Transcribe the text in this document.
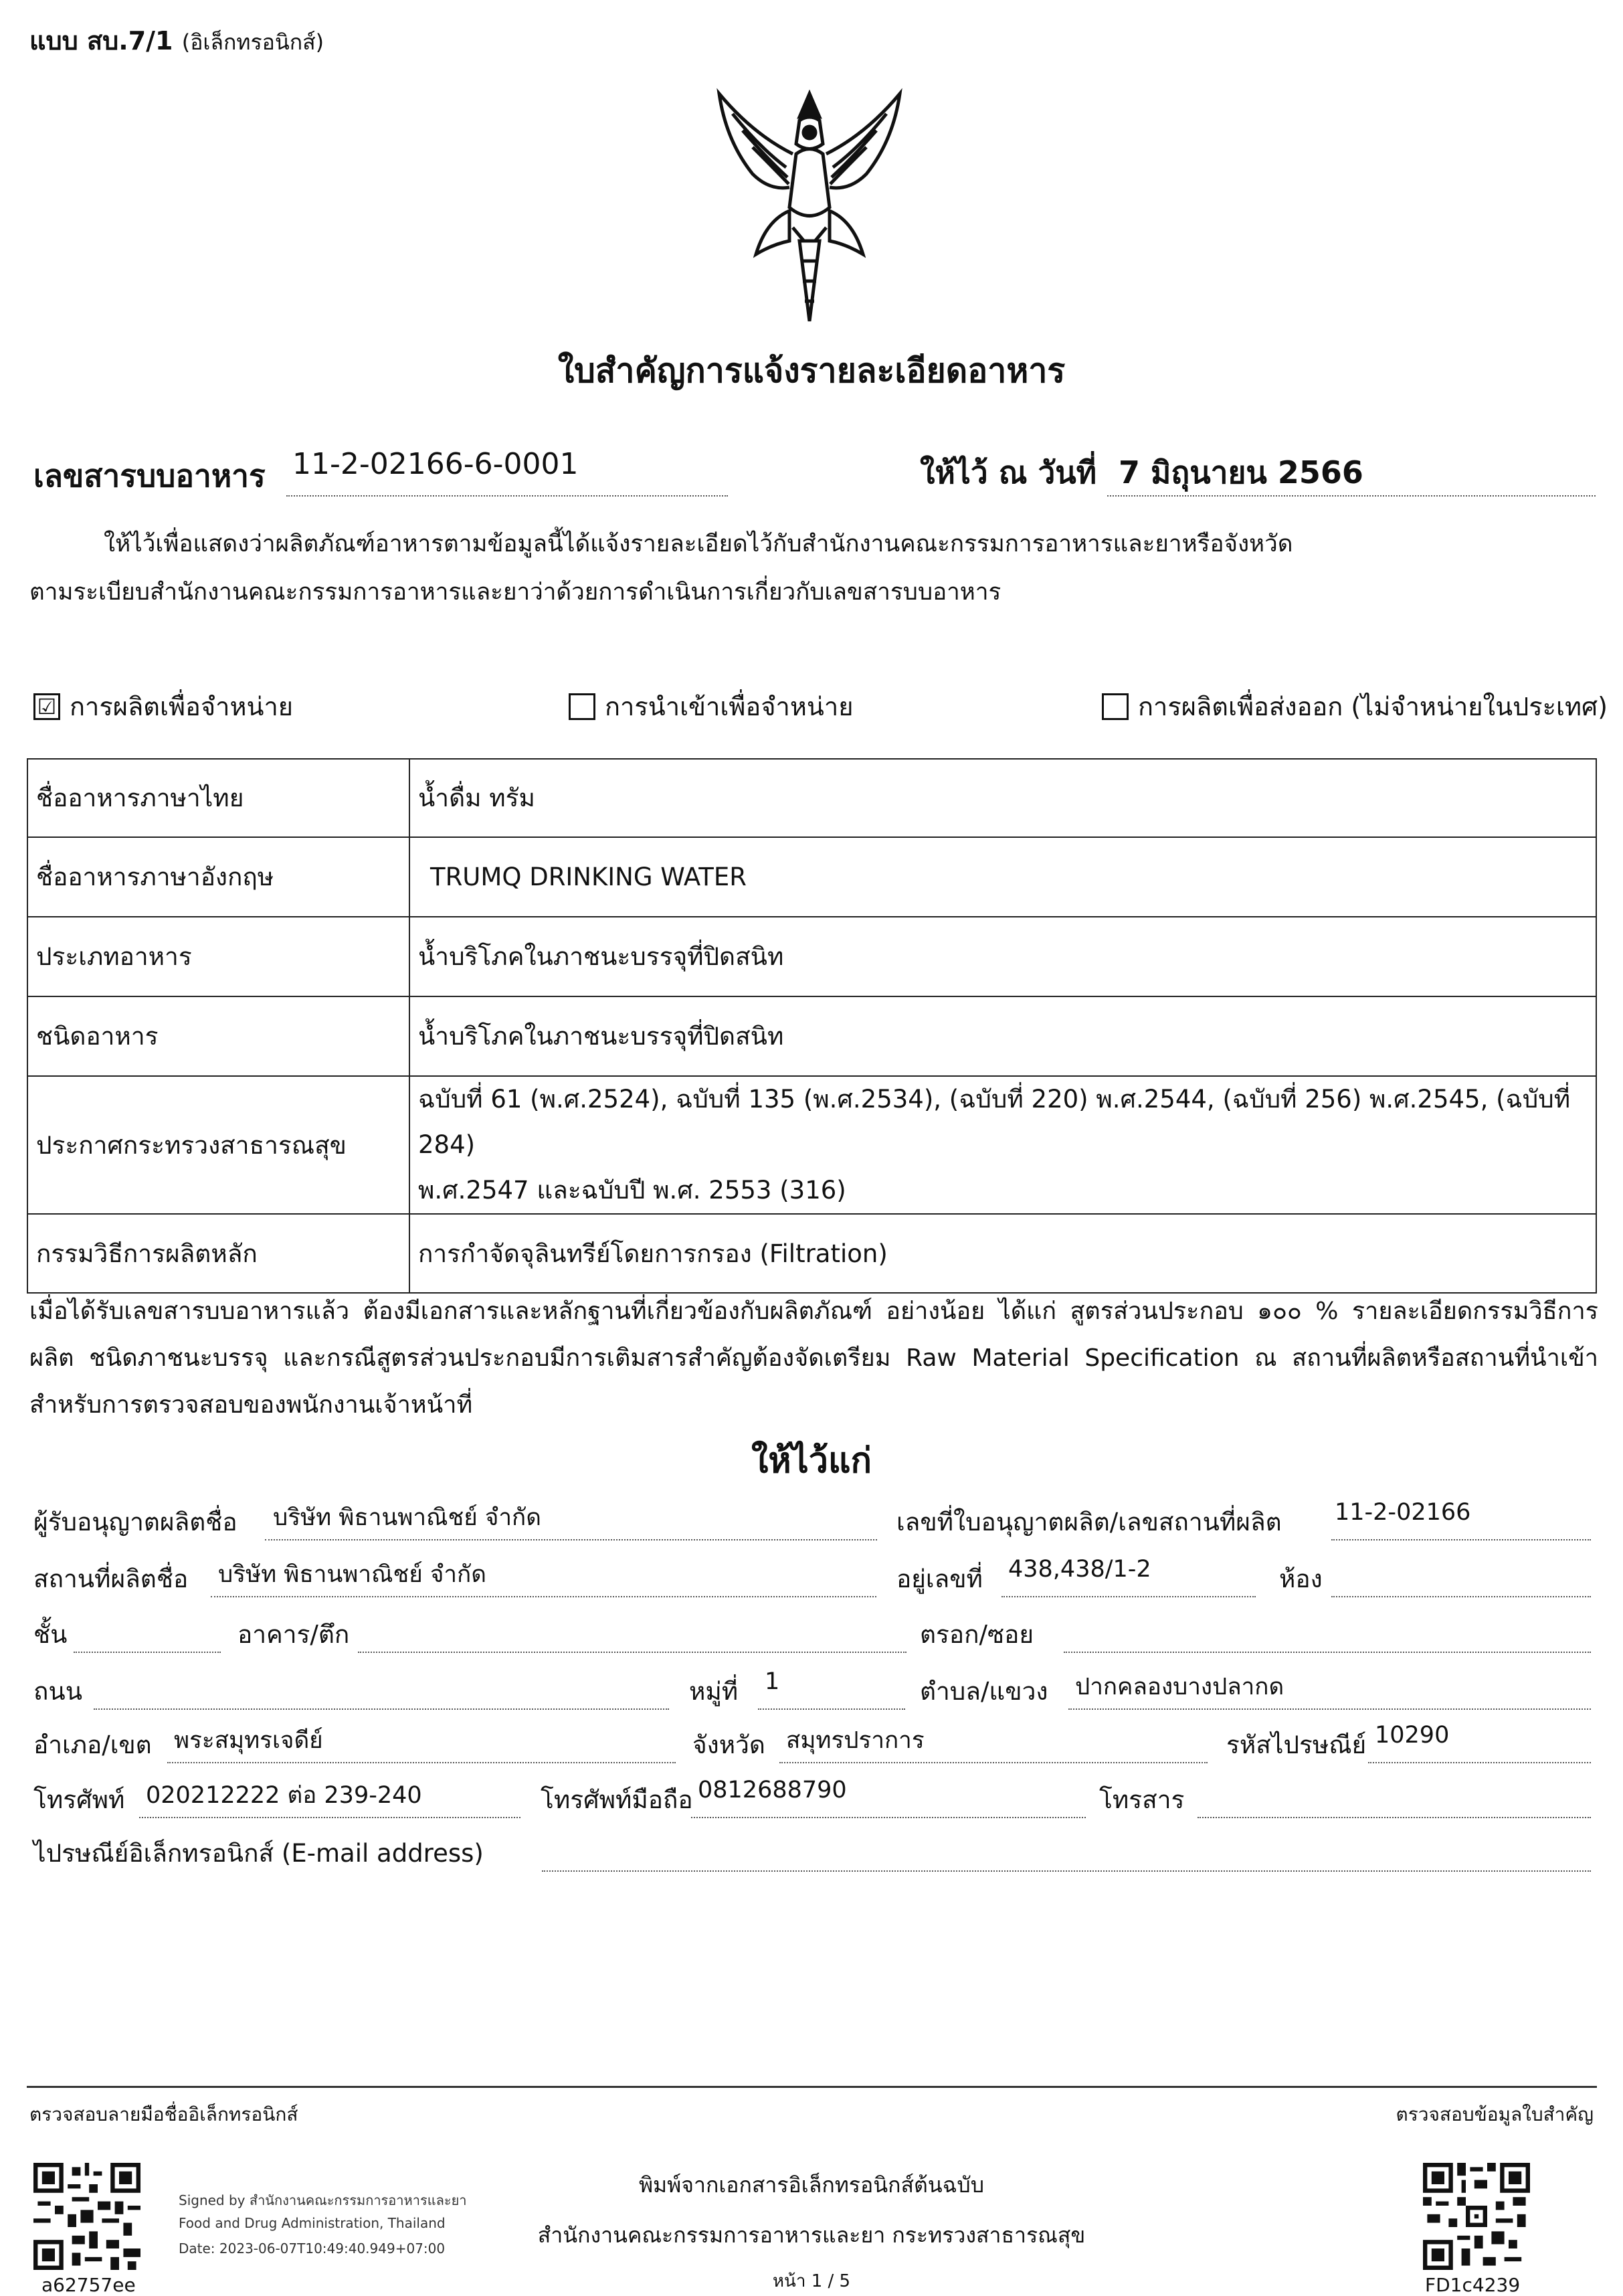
แบบ สบ.7/1 (อิเล็กทรอนิกส์)
ใบสำคัญการแจ้งรายละเอียดอาหาร
เลขสารบบอาหาร 11-2-02166-6-0001	ให้ไว้ ณ วันที่ 7 มิถุนายน 2566
ให้ไว้เพื่อแสดงว่าผลิตภัณฑ์อาหารตามข้อมูลนี้ได้แจ้งรายละเอียดไว้กับสำนักงานคณะกรรมการอาหารและยาหรือจังหวัด
ตามระเบียบสำนักงานคณะกรรมการอาหารและยาว่าด้วยการดำเนินการเกี่ยวกับเลขสารบบอาหาร
☑ การผลิตเพื่อจำหน่าย	การนำเข้าเพื่อจำหน่าย	การผลิตเพื่อส่งออก (ไม่จำหน่ายในประเทศ)
ชื่ออาหารภาษาไทย	น้ำดื่ม ทรัม
ชื่ออาหารภาษาอังกฤษ	TRUMQ DRINKING WATER
ประเภทอาหาร	น้ำบริโภคในภาชนะบรรจุที่ปิดสนิท
ชนิดอาหาร	น้ำบริโภคในภาชนะบรรจุที่ปิดสนิท
ประกาศกระทรวงสาธารณสุข	ฉบับที่ 61 (พ.ศ.2524), ฉบับที่ 135 (พ.ศ.2534), (ฉบับที่ 220) พ.ศ.2544, (ฉบับที่ 256) พ.ศ.2545, (ฉบับที่ 284)
พ.ศ.2547 และฉบับปี พ.ศ. 2553 (316)

กรรมวิธีการผลิตหลัก	การกำจัดจุลินทรีย์โดยการกรอง (Filtration)
เมื่อได้รับเลขสารบบอาหารแล้ว ต้องมีเอกสารและหลักฐานที่เกี่ยวข้องกับผลิตภัณฑ์ อย่างน้อย ได้แก่ สูตรส่วนประกอบ ๑๐๐ % รายละเอียดกรรมวิธีการผลิต ชนิดภาชนะบรรจุ และกรณีสูตรส่วนประกอบมีการเติมสารสำคัญต้องจัดเตรียม Raw Material Specification ณ สถานที่ผลิตหรือสถานที่นำเข้า สำหรับการตรวจสอบของพนักงานเจ้าหน้าที่
ให้ไว้แก่
ผู้รับอนุญาตผลิตชื่อ บริษัท พิธานพาณิชย์ จำกัด	เลขที่ใบอนุญาตผลิต/เลขสถานที่ผลิต 11-2-02166
สถานที่ผลิตชื่อ บริษัท พิธานพาณิชย์ จำกัด	อยู่เลขที่ 438,438/1-2	ห้อง
ชั้น	อาคาร/ตึก	ตรอก/ซอย
ถนน	หมู่ที่ 1	ตำบล/แขวง ปากคลองบางปลากด
อำเภอ/เขต พระสมุทรเจดีย์	จังหวัด สมุทรปราการ	รหัสไปรษณีย์ 10290
โทรศัพท์ 020212222 ต่อ 239-240	โทรศัพท์มือถือ 0812688790	โทรสาร
ไปรษณีย์อิเล็กทรอนิกส์ (E-mail address)
ตรวจสอบลายมือชื่ออิเล็กทรอนิกส์	ตรวจสอบข้อมูลใบสำคัญ
a62757ee
Signed by สำนักงานคณะกรรมการอาหารและยา
Food and Drug Administration, Thailand
Date: 2023-06-07T10:49:40.949+07:00
พิมพ์จากเอกสารอิเล็กทรอนิกส์ต้นฉบับ
สำนักงานคณะกรรมการอาหารและยา กระทรวงสาธารณสุข
หน้า 1 / 5	FD1c4239
